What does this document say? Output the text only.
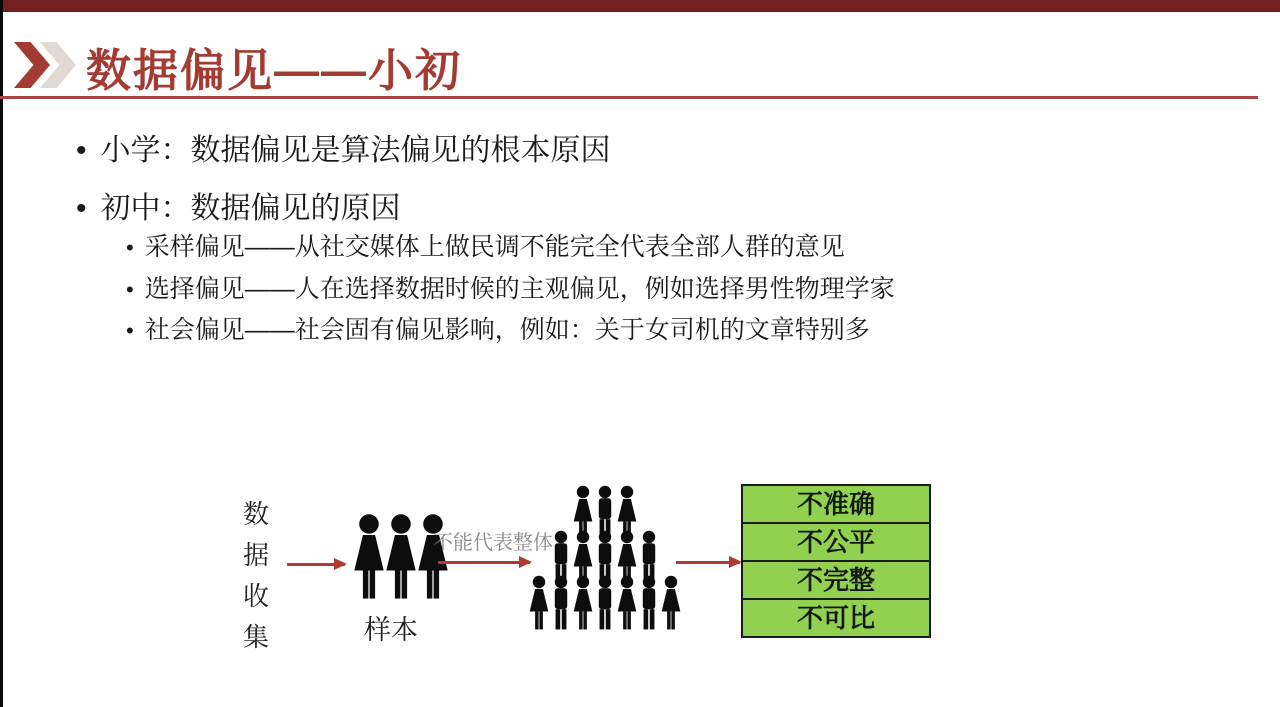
数据偏见——小初
• 小学：数据偏见是算法偏见的根本原因
• 初中：数据偏见的原因
• 采样偏见——从社交媒体上做民调不能完全代表全部人群的意见
• 选择偏见——人在选择数据时候的主观偏见，例如选择男性物理学家
• 社会偏见——社会固有偏见影响，例如：关于女司机的文章特别多
数
据
收
集	样本
不能代表整体
不准确
不公平
不完整
不可比
